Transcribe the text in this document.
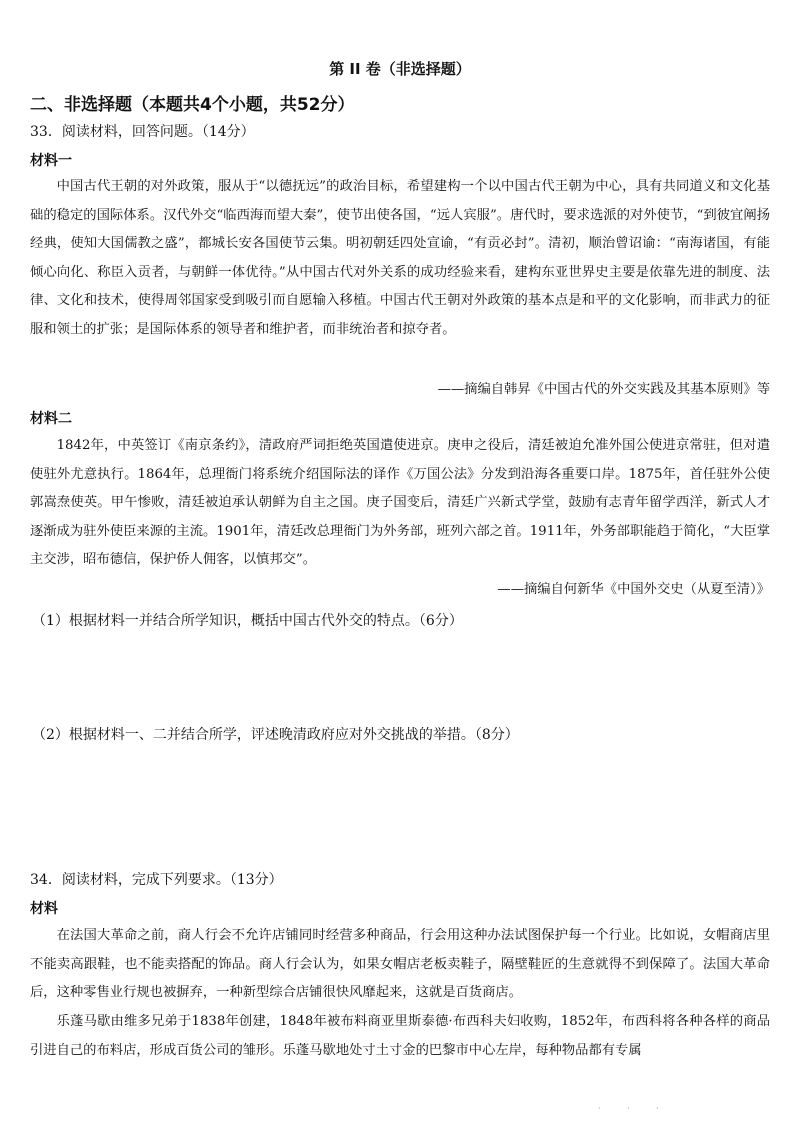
第 II 卷（非选择题）
二、非选择题（本题共4个小题，共52分）
33．阅读材料，回答问题。（14分）
材料一

中国古代王朝的对外政策，服从于“以德抚远”的政治目标，希望建构一个以中国古代王朝为中心，具有共同道义和文化基础的稳定的国际体系。汉代外交“临西海而望大秦”，使节出使各国，“远人宾服”。唐代时，要求选派的对外使节，“到彼宜阐扬经典，使知大国儒教之盛”，都城长安各国使节云集。明初朝廷四处宣谕，“有贡必封”。清初，顺治曾诏谕：“南海诸国，有能倾心向化、称臣入贡者，与朝鲜一体优待。”从中国古代对外关系的成功经验来看，建构东亚世界史主要是依靠先进的制度、法律、文化和技术，使得周邻国家受到吸引而自愿输入移植。中国古代王朝对外政策的基本点是和平的文化影响，而非武力的征服和领土的扩张；是国际体系的领导者和维护者，而非统治者和掠夺者。

——摘编自韩昇《中国古代的外交实践及其基本原则》等
材料二

1842年，中英签订《南京条约》，清政府严词拒绝英国遣使进京。庚申之役后，清廷被迫允准外国公使进京常驻，但对遣使驻外尤意执行。1864年，总理衙门将系统介绍国际法的译作《万国公法》分发到沿海各重要口岸。1875年，首任驻外公使郭嵩焘使英。甲午惨败，清廷被迫承认朝鲜为自主之国。庚子国变后，清廷广兴新式学堂，鼓励有志青年留学西洋，新式人才逐渐成为驻外使臣来源的主流。1901年，清廷改总理衙门为外务部，班列六部之首。1911年，外务部职能趋于简化，“大臣掌主交涉，昭布德信，保护侨人佣客，以慎邦交”。

——摘编自何新华《中国外交史（从夏至清）》
（1）根据材料一并结合所学知识，概括中国古代外交的特点。（6分）
（2）根据材料一、二并结合所学，评述晚清政府应对外交挑战的举措。（8分）
34．阅读材料，完成下列要求。（13分）
材料

在法国大革命之前，商人行会不允许店铺同时经营多种商品，行会用这种办法试图保护每一个行业。比如说，女帽商店里不能卖高跟鞋，也不能卖搭配的饰品。商人行会认为，如果女帽店老板卖鞋子，隔壁鞋匠的生意就得不到保障了。法国大革命后，这种零售业行规也被摒弃，一种新型综合店铺很快风靡起来，这就是百货商店。

乐蓬马歇由维多兄弟于1838年创建，1848年被布料商亚里斯泰德·布西科夫妇收购，1852年，布西科将各种各样的商品引进自己的布料店，形成百货公司的雏形。乐蓬马歇地处寸土寸金的巴黎市中心左岸，每种物品都有专属

· · ·
